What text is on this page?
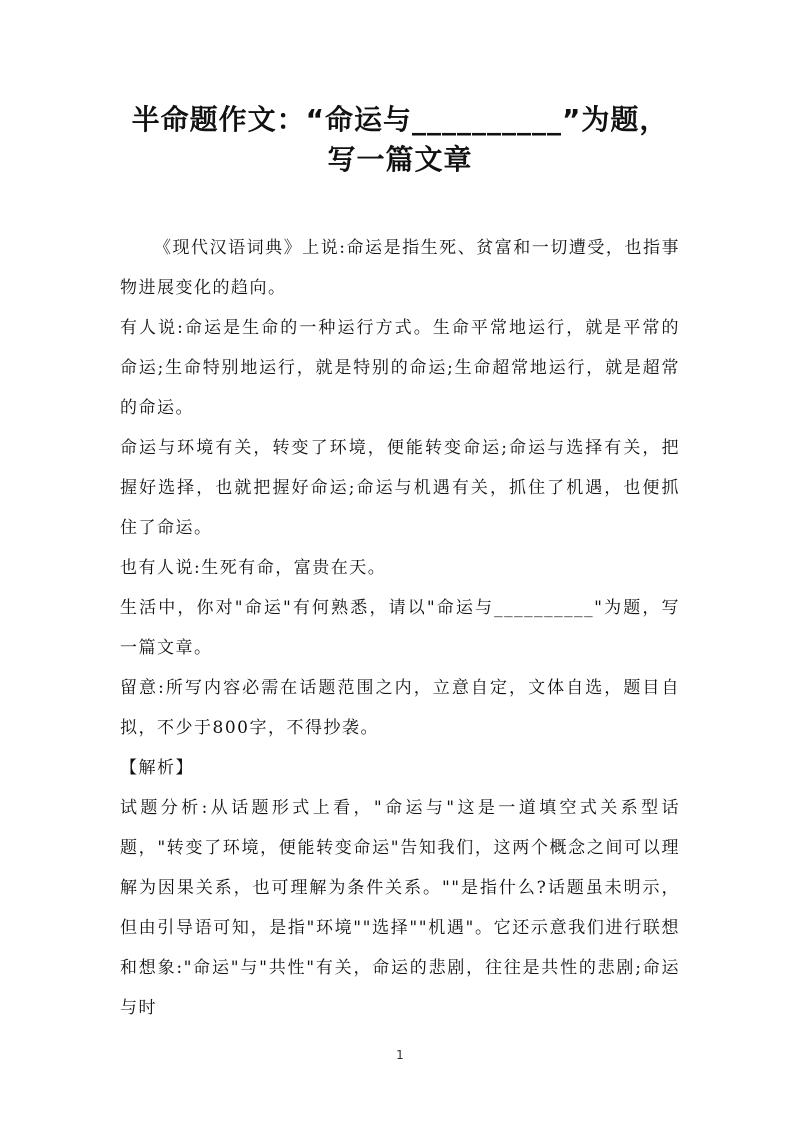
半命题作文：“命运与__________”为题，
写一篇文章

《现代汉语词典》上说:命运是指生死、贫富和一切遭受，也指事物进展变化的趋向。

有人说:命运是生命的一种运行方式。生命平常地运行，就是平常的命运;生命特别地运行，就是特别的命运;生命超常地运行，就是超常的命运。

命运与环境有关，转变了环境，便能转变命运;命运与选择有关，把握好选择，也就把握好命运;命运与机遇有关，抓住了机遇，也便抓住了命运。

也有人说:生死有命，富贵在天。

生活中，你对"命运"有何熟悉，请以"命运与__________"为题，写一篇文章。

留意:所写内容必需在话题范围之内，立意自定，文体自选，题目自拟，不少于800字，不得抄袭。

【解析】

试题分析:从话题形式上看，"命运与"这是一道填空式关系型话题，"转变了环境，便能转变命运"告知我们，这两个概念之间可以理解为因果关系，也可理解为条件关系。""是指什么?话题虽未明示，但由引导语可知，是指"环境""选择""机遇"。它还示意我们进行联想和想象:"命运"与"共性"有关，命运的悲剧，往往是共性的悲剧;命运与时

1
